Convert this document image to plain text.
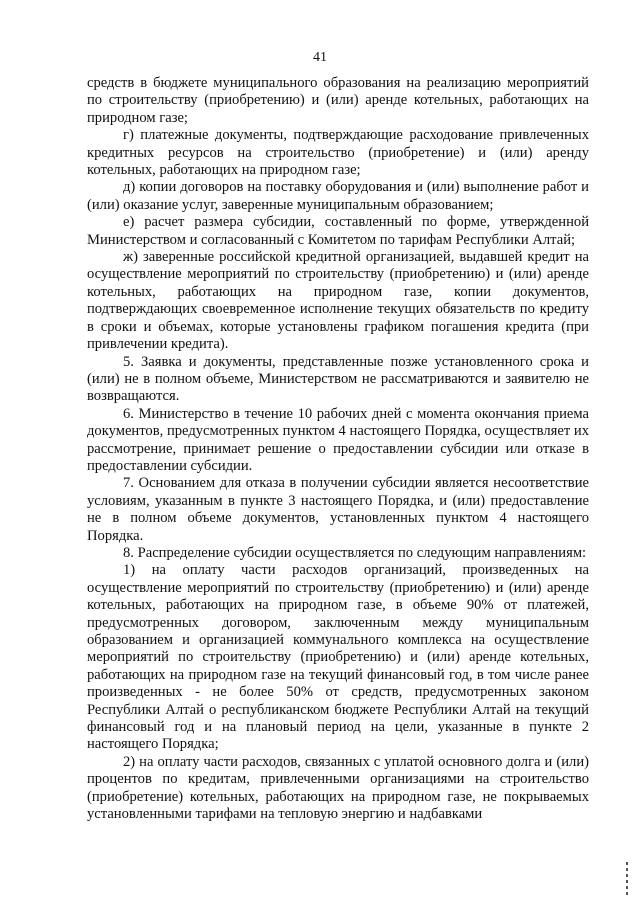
41

средств в бюджете муниципального образования на реализацию мероприятий по строительству (приобретению) и (или) аренде котельных, работающих на природном газе;

г) платежные документы, подтверждающие расходование привлеченных кредитных ресурсов на строительство (приобретение) и (или) аренду котельных, работающих на природном газе;

д) копии договоров на поставку оборудования и (или) выполнение работ и (или) оказание услуг, заверенные муниципальным образованием;

е) расчет размера субсидии, составленный по форме, утвержденной Министерством и согласованный с Комитетом по тарифам Республики Алтай;

ж) заверенные российской кредитной организацией, выдавшей кредит на осуществление мероприятий по строительству (приобретению) и (или) аренде котельных, работающих на природном газе, копии документов, подтверждающих своевременное исполнение текущих обязательств по кредиту в сроки и объемах, которые установлены графиком погашения кредита (при привлечении кредита).

5. Заявка и документы, представленные позже установленного срока и (или) не в полном объеме, Министерством не рассматриваются и заявителю не возвращаются.

6. Министерство в течение 10 рабочих дней с момента окончания приема документов, предусмотренных пунктом 4 настоящего Порядка, осуществляет их рассмотрение, принимает решение о предоставлении субсидии или отказе в предоставлении субсидии.

7. Основанием для отказа в получении субсидии является несоответствие условиям, указанным в пункте 3 настоящего Порядка, и (или) предоставление не в полном объеме документов, установленных пунктом 4 настоящего Порядка.

8. Распределение субсидии осуществляется по следующим направлениям:

1) на оплату части расходов организаций, произведенных на осуществление мероприятий по строительству (приобретению) и (или) аренде котельных, работающих на природном газе, в объеме 90% от платежей, предусмотренных договором, заключенным между муниципальным образованием и организацией коммунального комплекса на осуществление мероприятий по строительству (приобретению) и (или) аренде котельных, работающих на природном газе на текущий финансовый год, в том числе ранее произведенных - не более 50% от средств, предусмотренных законом Республики Алтай о республиканском бюджете Республики Алтай на текущий финансовый год и на плановый период на цели, указанные в пункте 2 настоящего Порядка;

2) на оплату части расходов, связанных с уплатой основного долга и (или) процентов по кредитам, привлеченными организациями на строительство (приобретение) котельных, работающих на природном газе, не покрываемых установленными тарифами на тепловую энергию и надбавками
